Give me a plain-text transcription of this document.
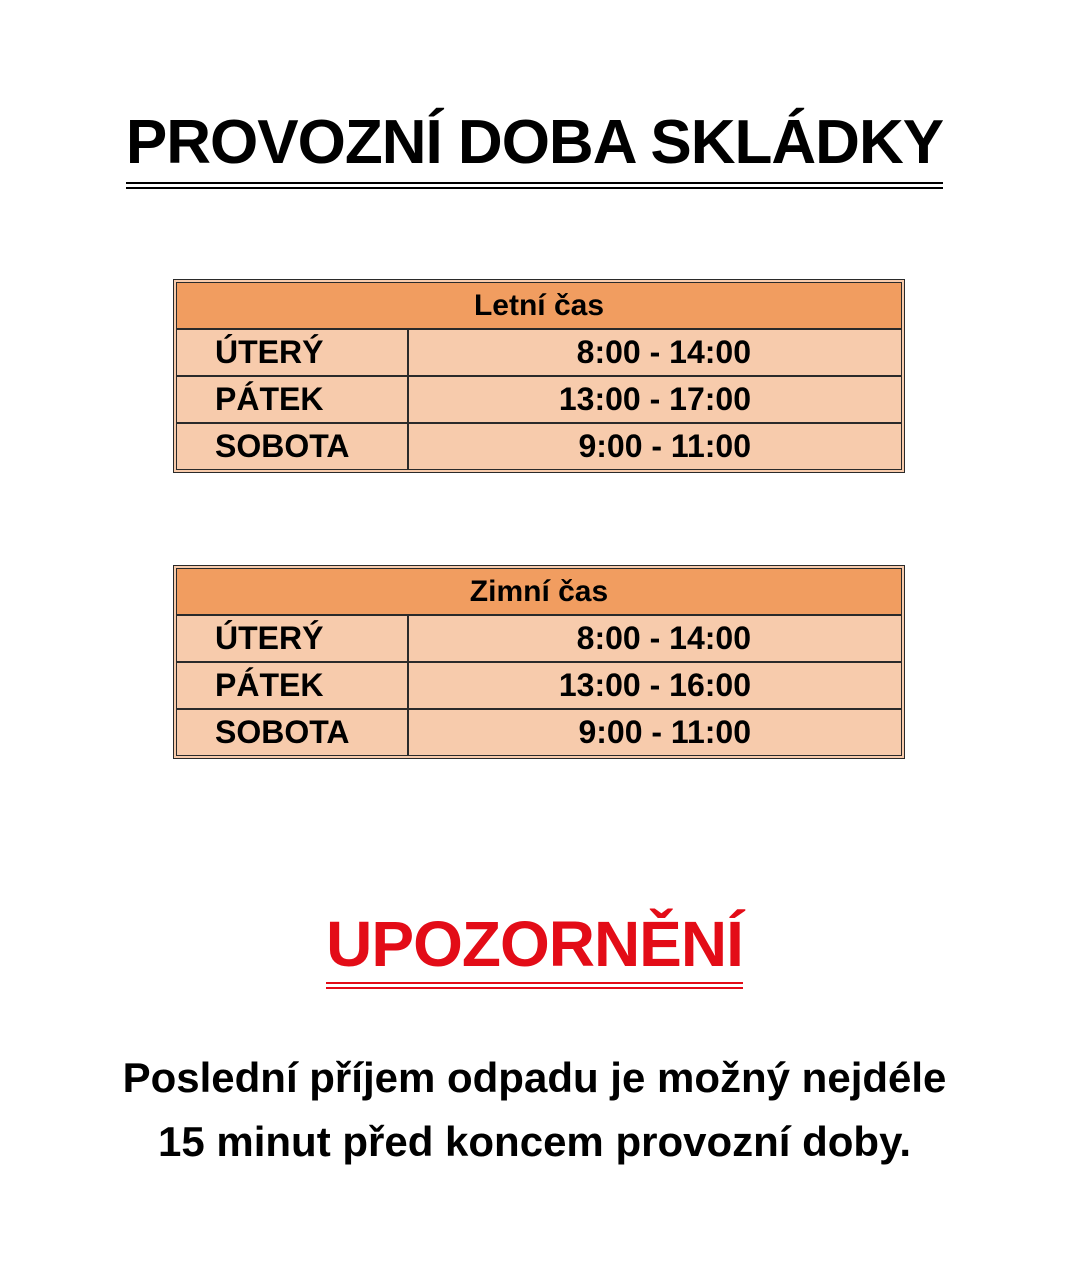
PROVOZNÍ DOBA SKLÁDKY
Letní čas
ÚTERÝ	8:00 - 14:00
PÁTEK	13:00 - 17:00
SOBOTA	9:00 - 11:00
Zimní čas
ÚTERÝ	8:00 - 14:00
PÁTEK	13:00 - 16:00
SOBOTA	9:00 - 11:00
UPOZORNĚNÍ
Poslední příjem odpadu je možný nejdéle
15 minut před koncem provozní doby.
